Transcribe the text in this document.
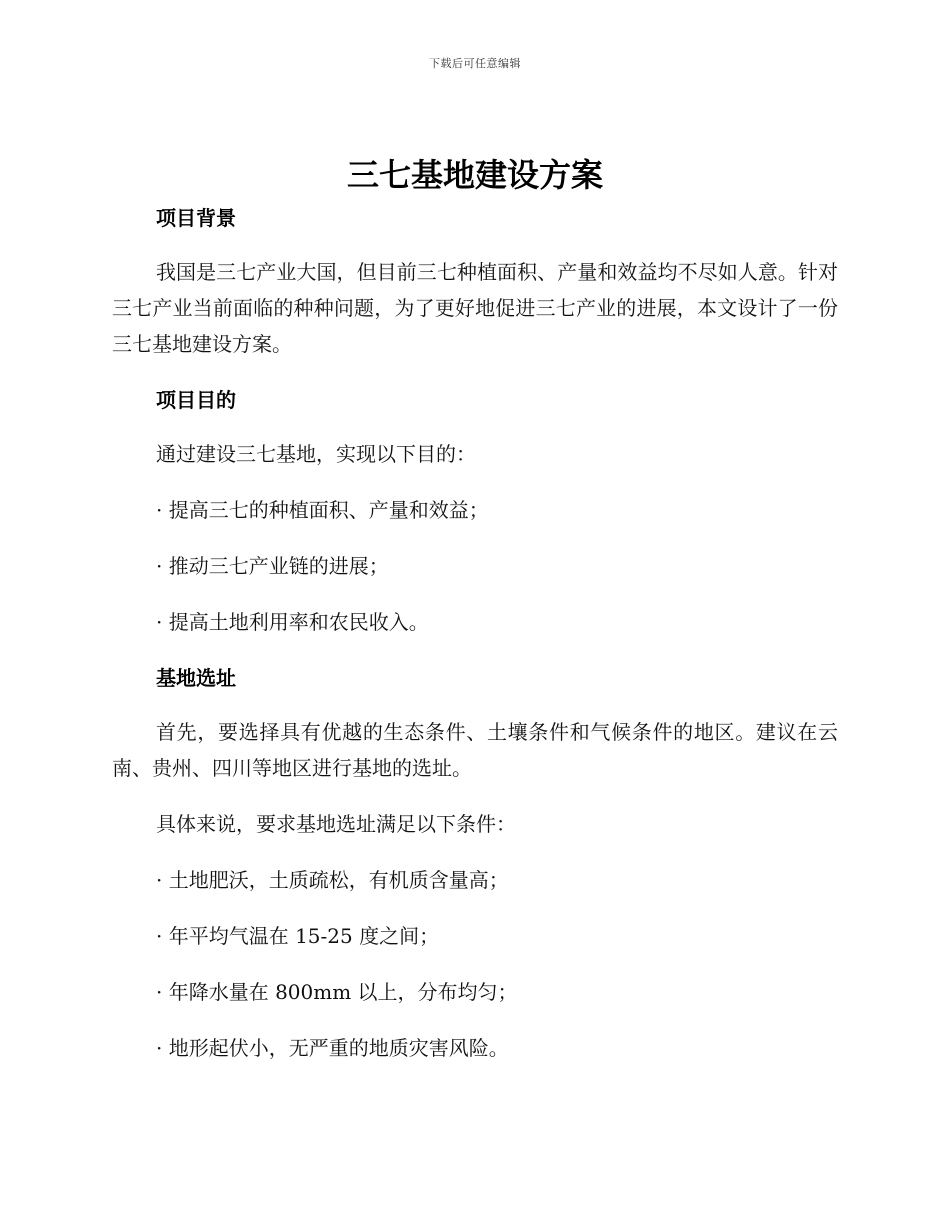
下载后可任意编辑
三七基地建设方案
项目背景

我国是三七产业大国，但目前三七种植面积、产量和效益均不尽如人意。针对三七产业当前面临的种种问题，为了更好地促进三七产业的进展，本文设计了一份三七基地建设方案。

项目目的

通过建设三七基地，实现以下目的：

· 提高三七的种植面积、产量和效益；

· 推动三七产业链的进展；

· 提高土地利用率和农民收入。

基地选址

首先，要选择具有优越的生态条件、土壤条件和气候条件的地区。建议在云南、贵州、四川等地区进行基地的选址。

具体来说，要求基地选址满足以下条件：

· 土地肥沃，土质疏松，有机质含量高；

· 年平均气温在 15-25 度之间；

· 年降水量在 800mm 以上，分布均匀；

· 地形起伏小，无严重的地质灾害风险。
